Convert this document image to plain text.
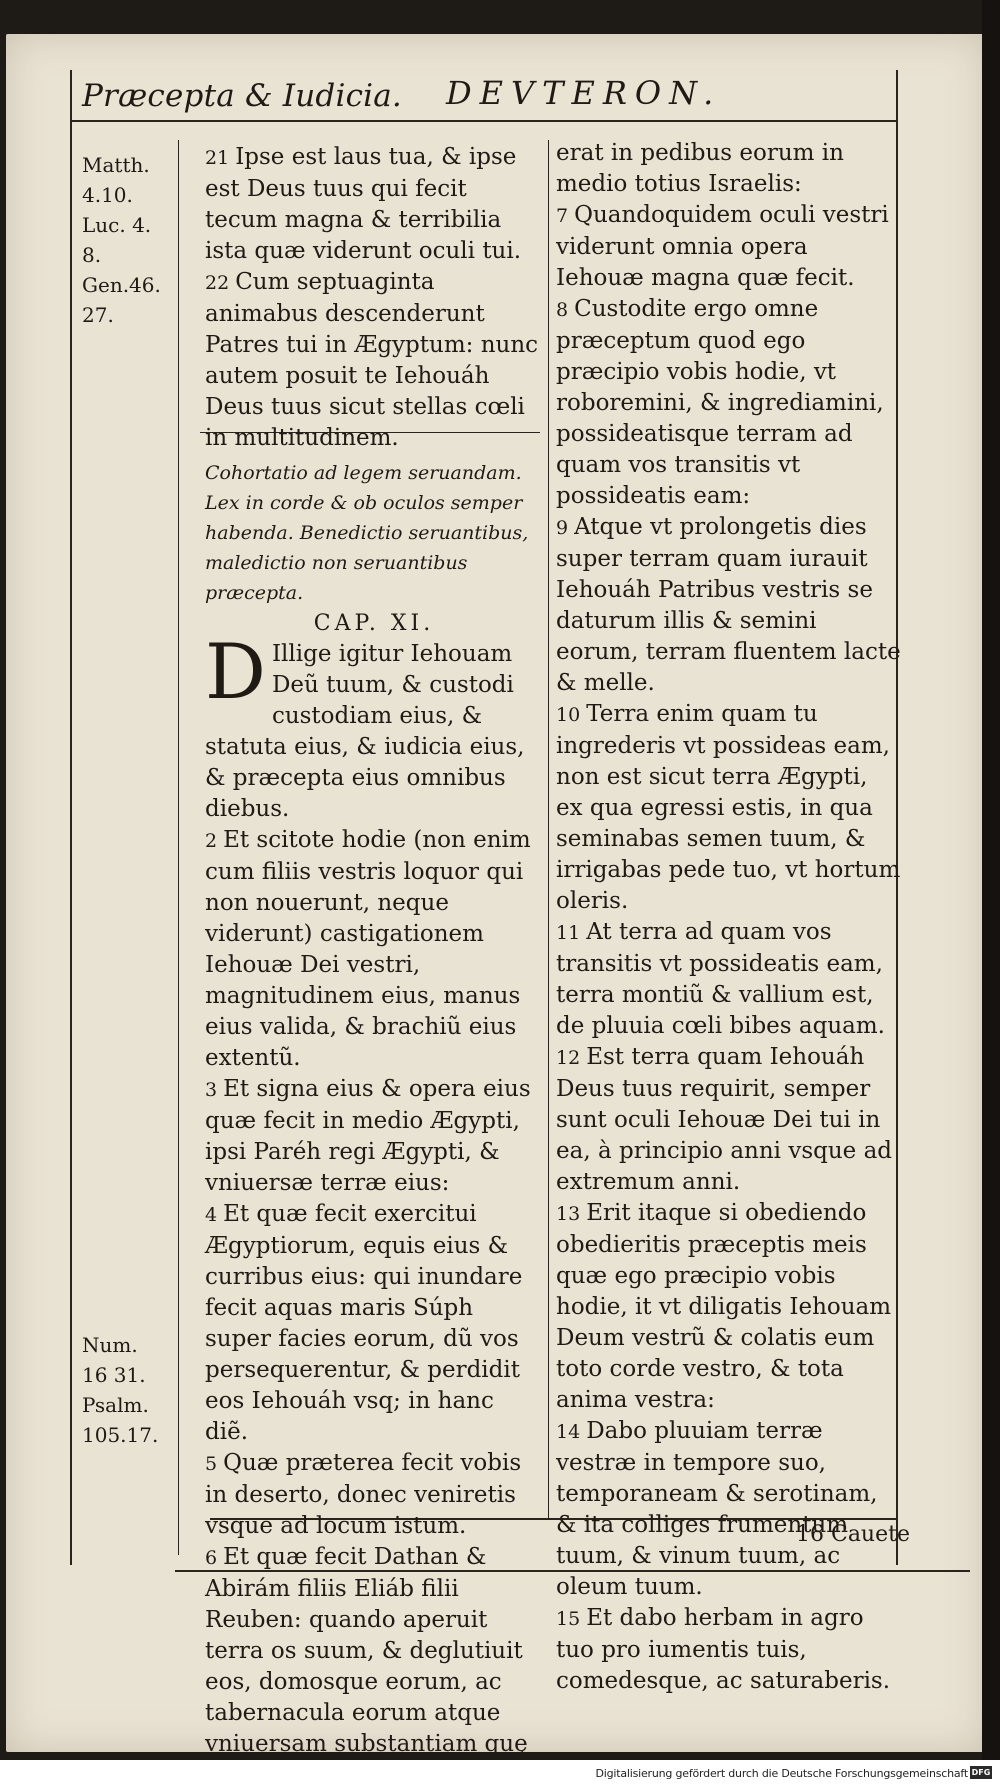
Præcepta & Iudicia. DEVTERON.
Matth.
4.10.
Luc. 4.
8.
Gen.46.
27.
Num.
16 31.
Psalm.
105.17.

21 Ipse est laus tua, & ipse est Deus tuus qui fecit tecum magna & terribilia ista quæ viderunt oculi tui.

22 Cum septuaginta animabus descenderunt Patres tui in Ægyptum: nunc autem posuit te Iehouáh Deus tuus sicut stellas cœli in multitudinem.

Cohortatio ad legem seruandam. Lex in corde & ob oculos semper habenda. Benedictio seruantibus, maledictio non seruantibus præcepta.

CAP. XI.

D Illige igitur Iehouam Deũ tuum, & custodi custodiam eius, & statuta eius, & iudicia eius, & præcepta eius omnibus diebus.

2 Et scitote hodie (non enim cum filiis vestris loquor qui non nouerunt, neque viderunt) castigationem Iehouæ Dei vestri, magnitudinem eius, manus eius valida, & brachiũ eius extentũ.

3 Et signa eius & opera eius quæ fecit in medio Ægypti, ipsi Paréh regi Ægypti, & vniuersæ terræ eius:

4 Et quæ fecit exercitui Ægyptiorum, equis eius & curribus eius: qui inundare fecit aquas maris Súph super facies eorum, dũ vos persequerentur, & perdidit eos Iehouáh vsq; in hanc diẽ.

5 Quæ præterea fecit vobis in deserto, donec veniretis vsque ad locum istum.

6 Et quæ fecit Dathan & Abirám filiis Eliáb filii Reuben: quando aperuit terra os suum, & deglutiuit eos, domosque eorum, ac tabernacula eorum atque vniuersam substantiam quę

erat in pedibus eorum in medio totius Israelis:

7 Quandoquidem oculi vestri viderunt omnia opera Iehouæ magna quæ fecit.

8 Custodite ergo omne præceptum quod ego præcipio vobis hodie, vt roboremini, & ingrediamini, possideatisque terram ad quam vos transitis vt possideatis eam:

9 Atque vt prolongetis dies super terram quam iurauit Iehouáh Patribus vestris se daturum illis & semini eorum, terram fluentem lacte & melle.

10 Terra enim quam tu ingrederis vt possideas eam, non est sicut terra Ægypti, ex qua egressi estis, in qua seminabas semen tuum, & irrigabas pede tuo, vt hortum oleris.

11 At terra ad quam vos transitis vt possideatis eam, terra montiũ & vallium est, de pluuia cœli bibes aquam.

12 Est terra quam Iehouáh Deus tuus requirit, semper sunt oculi Iehouæ Dei tui in ea, à principio anni vsque ad extremum anni.

13 Erit itaque si obediendo obedieritis præceptis meis quæ ego præcipio vobis hodie, it vt diligatis Iehouam Deum vestrũ & colatis eum toto corde vestro, & tota anima vestra:

14 Dabo pluuiam terræ vestræ in tempore suo, temporaneam & serotinam, & ita colliges frumentum tuum, & vinum tuum, ac oleum tuum.

15 Et dabo herbam in agro tuo pro iumentis tuis, comedesque, ac saturaberis.

16 Cauete
Digitalisierung gefördert durch die Deutsche Forschungsgemeinschaft DFG
